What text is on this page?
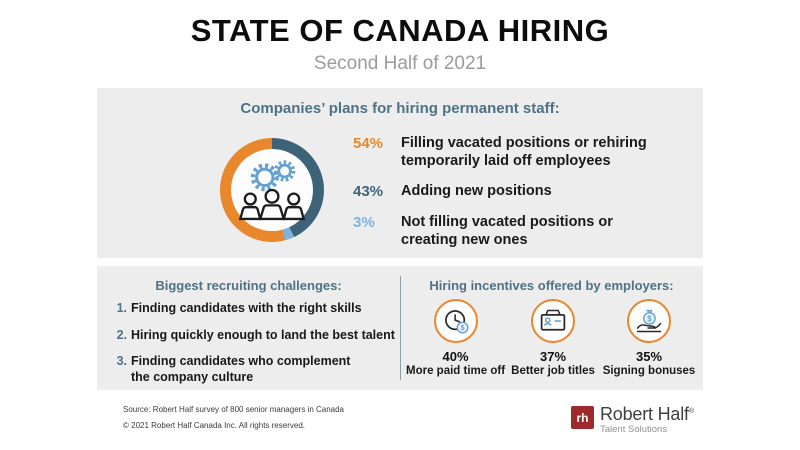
STATE OF CANADA HIRING
Second Half of 2021
Companies’ plans for hiring permanent staff:
54%	Filling vacated positions or rehiring temporarily laid off employees
43%	Adding new positions
3%	Not filling vacated positions or creating new ones
Biggest recruiting challenges:
1. Finding candidates with the right skills
2. Hiring quickly enough to land the best talent
3. Finding candidates who complement the company culture
Hiring incentives offered by employers:
$
40%
More paid time off
37%
Better job titles
$
35%
Signing bonuses
Source: Robert Half survey of 800 senior managers in Canada
© 2021 Robert Half Canada Inc. All rights reserved.
rh Robert Half®
Talent Solutions
